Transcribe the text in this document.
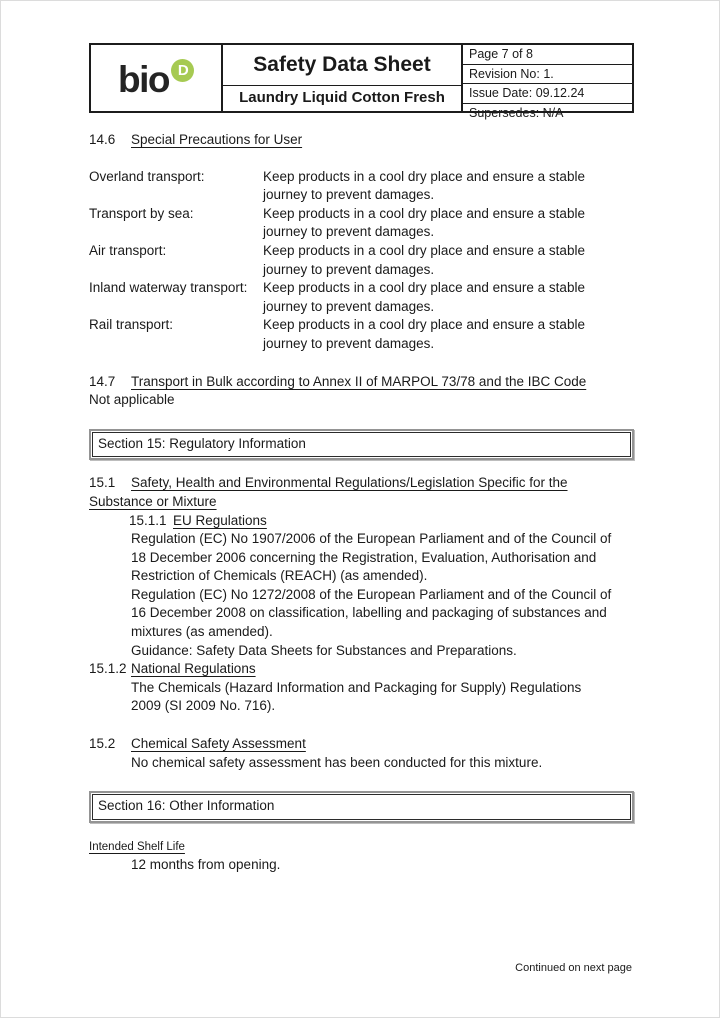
bio D	Safety Data Sheet
Laundry Liquid Cotton Fresh
Page 7 of 8
Revision No: 1.
Issue Date: 09.12.24
Supersedes: N/A
14.6 Special Precautions for User
Overland transport:	Keep products in a cool dry place and ensure a stable journey to prevent damages.
Transport by sea:	Keep products in a cool dry place and ensure a stable journey to prevent damages.
Air transport:	Keep products in a cool dry place and ensure a stable journey to prevent damages.
Inland waterway transport:	Keep products in a cool dry place and ensure a stable journey to prevent damages.
Rail transport:	Keep products in a cool dry place and ensure a stable journey to prevent damages.
14.7 Transport in Bulk according to Annex II of MARPOL 73/78 and the IBC Code
Not applicable
Section 15: Regulatory Information
15.1 Safety, Health and Environmental Regulations/Legislation Specific for the Substance or Mixture
15.1.1 EU Regulations
Regulation (EC) No 1907/2006 of the European Parliament and of the Council of 18 December 2006 concerning the Registration, Evaluation, Authorisation and Restriction of Chemicals (REACH) (as amended).
Regulation (EC) No 1272/2008 of the European Parliament and of the Council of 16 December 2008 on classification, labelling and packaging of substances and mixtures (as amended).
Guidance: Safety Data Sheets for Substances and Preparations.
15.1.2 National Regulations
The Chemicals (Hazard Information and Packaging for Supply) Regulations 2009 (SI 2009 No. 716).
15.2 Chemical Safety Assessment
No chemical safety assessment has been conducted for this mixture.
Section 16: Other Information
Intended Shelf Life
12 months from opening.
Continued on next page
